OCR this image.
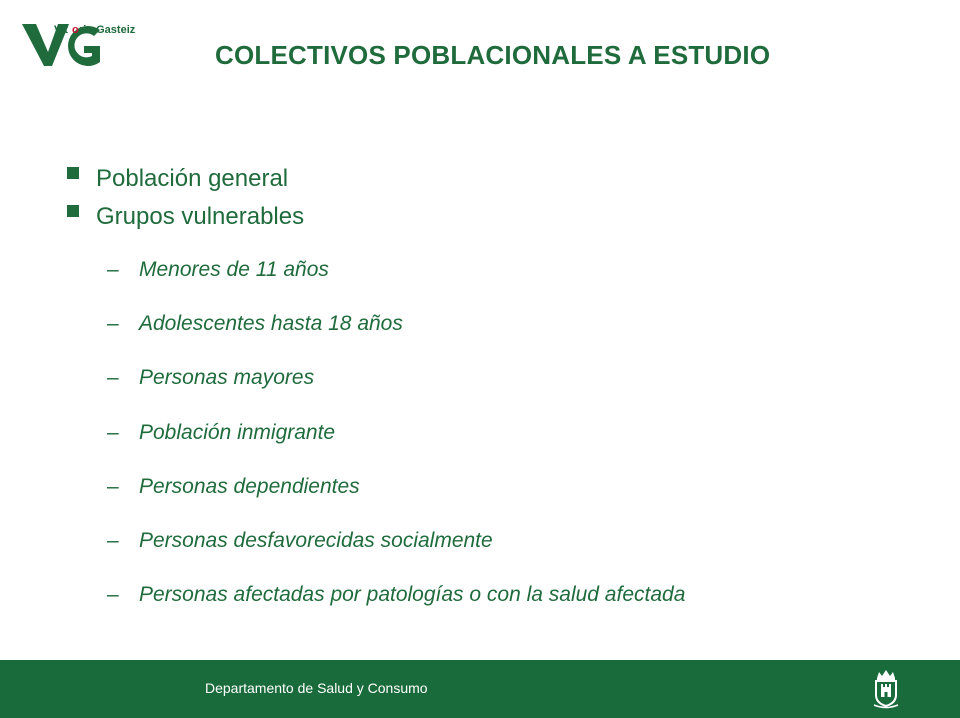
Vit o ria-Gasteiz
COLECTIVOS POBLACIONALES A ESTUDIO
Población general
Grupos vulnerables
– Menores de 11 años
– Adolescentes hasta 18 años
– Personas mayores
– Población inmigrante
– Personas dependientes
– Personas desfavorecidas socialmente
– Personas afectadas por patologías o con la salud afectada
Departamento de Salud y Consumo
